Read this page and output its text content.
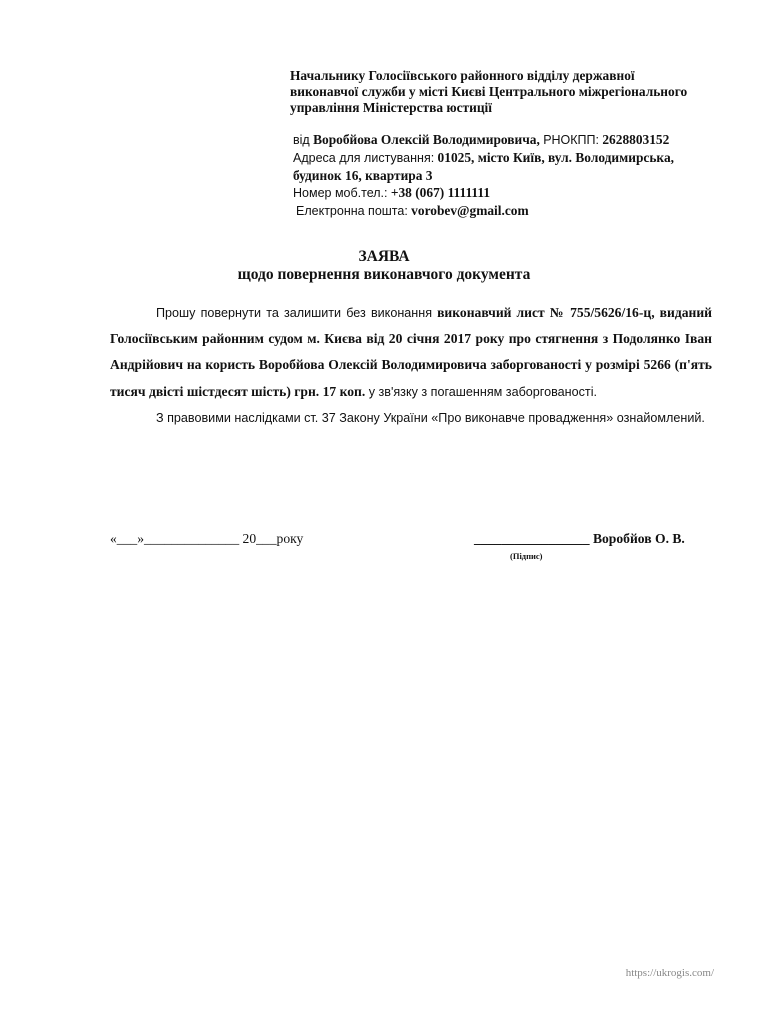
Начальнику Голосіївського районного відділу державної
виконавчої служби у місті Києві Центрального міжрегіонального
управління Міністерства юстиції
від Воробйова Олексій Володимировича, РНОКПП: 2628803152
Адреса для листування: 01025, місто Київ, вул. Володимирська,
будинок 16, квартира 3
Номер моб.тел.: +38 (067) 1111111
Електронна пошта: vorobev@gmail.com
ЗАЯВА
щодо повернення виконавчого документа

Прошу повернути та залишити без виконання виконавчий лист № 755/5626/16-ц, виданий Голосіївським районним судом м. Києва від 20 січня 2017 року про стягнення з Подолянко Іван Андрійович на користь Воробйова Олексій Володимировича заборгованості у розмірі 5266 (п'ять тисяч двісті шістдесят шість) грн. 17 коп. у зв'язку з погашенням заборгованості.

З правовими наслідками ст. 37 Закону України «Про виконавче провадження» ознайомлений.

«___»______________ 20___року	_________________ Воробйов О. В.
(Підпис)
https://ukrogis.com/
